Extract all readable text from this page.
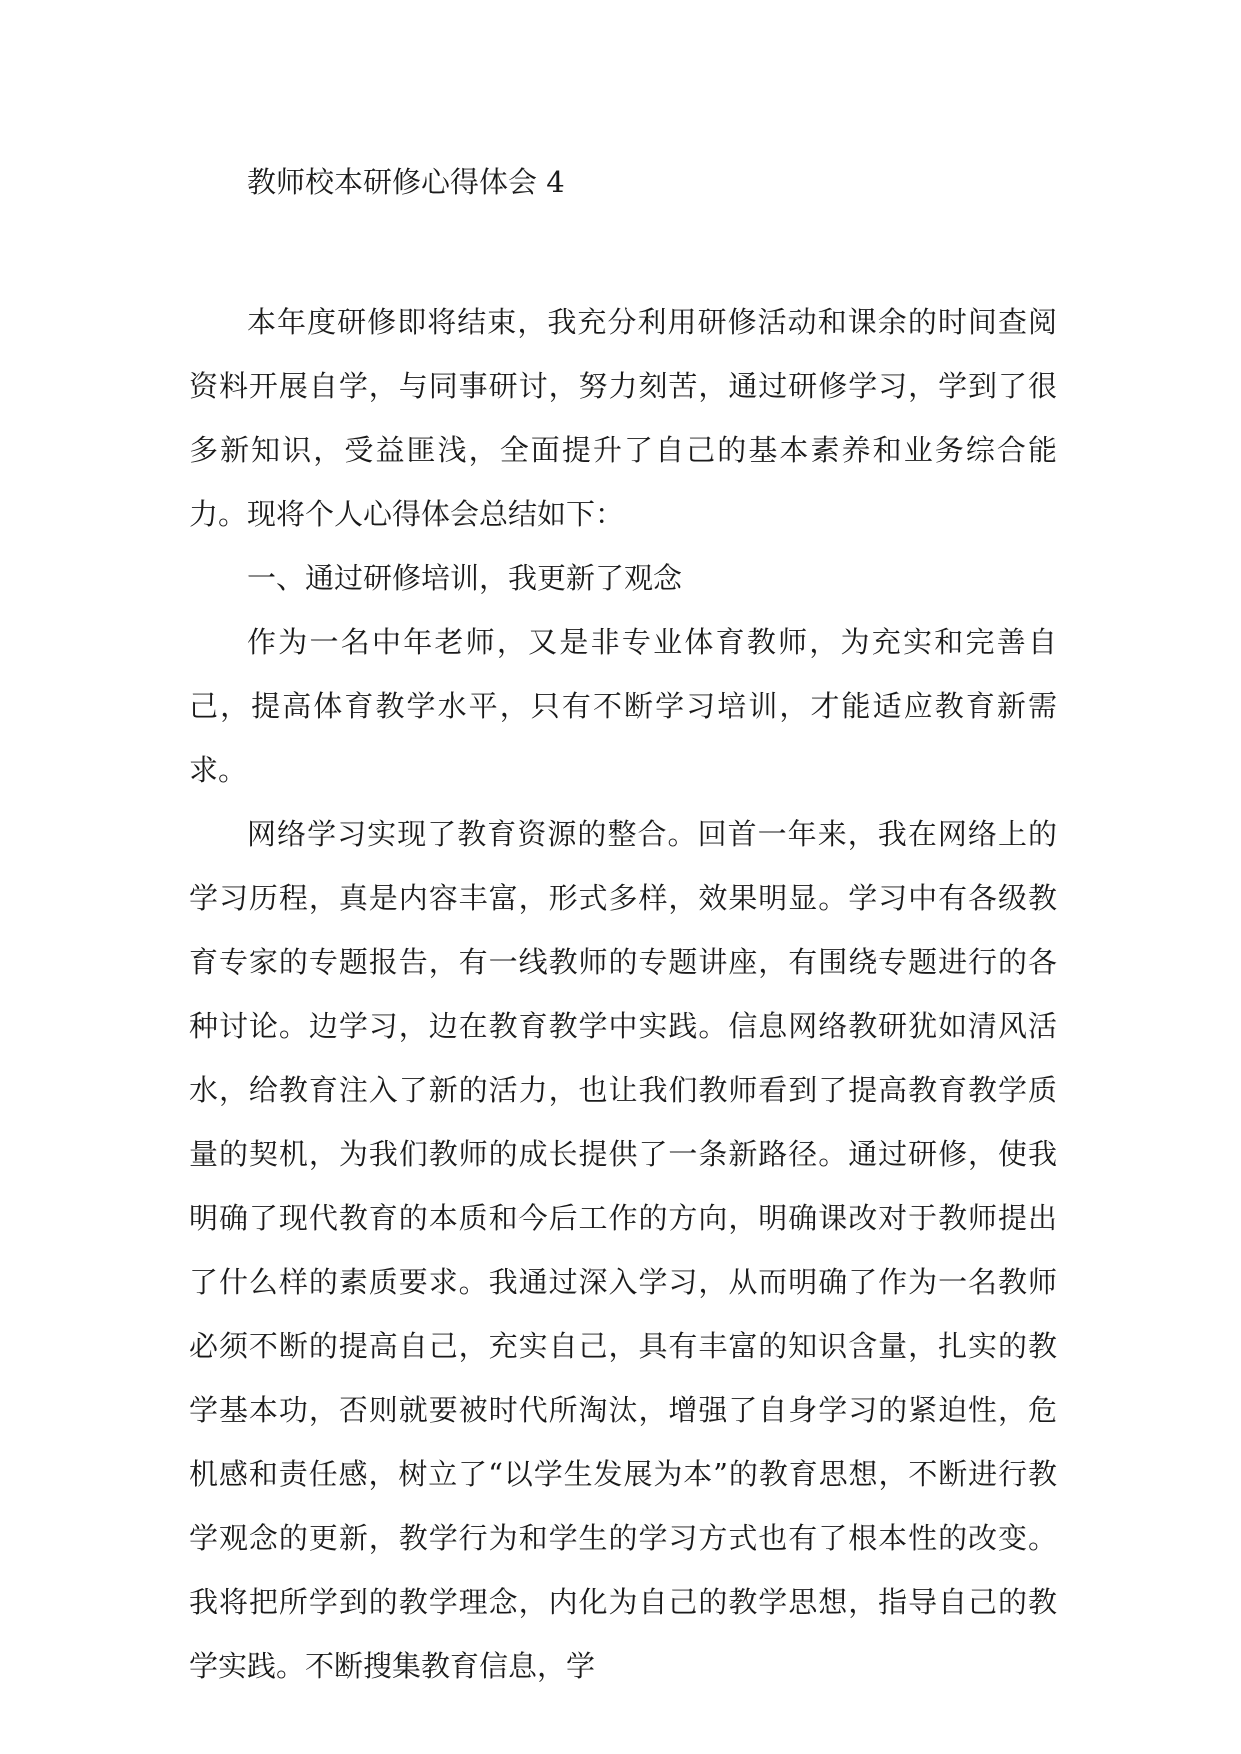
教师校本研修心得体会 4

本年度研修即将结束，我充分利用研修活动和课余的时间查阅资料开展自学，与同事研讨，努力刻苦，通过研修学习，学到了很多新知识，受益匪浅，全面提升了自己的基本素养和业务综合能力。现将个人心得体会总结如下：

一、通过研修培训，我更新了观念

作为一名中年老师，又是非专业体育教师，为充实和完善自己，提高体育教学水平，只有不断学习培训，才能适应教育新需求。

网络学习实现了教育资源的整合。回首一年来，我在网络上的学习历程，真是内容丰富，形式多样，效果明显。学习中有各级教育专家的专题报告，有一线教师的专题讲座，有围绕专题进行的各种讨论。边学习，边在教育教学中实践。信息网络教研犹如清风活水，给教育注入了新的活力，也让我们教师看到了提高教育教学质量的契机，为我们教师的成长提供了一条新路径。通过研修，使我明确了现代教育的本质和今后工作的方向，明确课改对于教师提出了什么样的素质要求。我通过深入学习，从而明确了作为一名教师必须不断的提高自己，充实自己，具有丰富的知识含量，扎实的教学基本功，否则就要被时代所淘汰，增强了自身学习的紧迫性，危机感和责任感，树立了“以学生发展为本”的教育思想，不断进行教学观念的更新，教学行为和学生的学习方式也有了根本性的改变。我将把所学到的教学理念，内化为自己的教学思想，指导自己的教学实践。不断搜集教育信息，学
